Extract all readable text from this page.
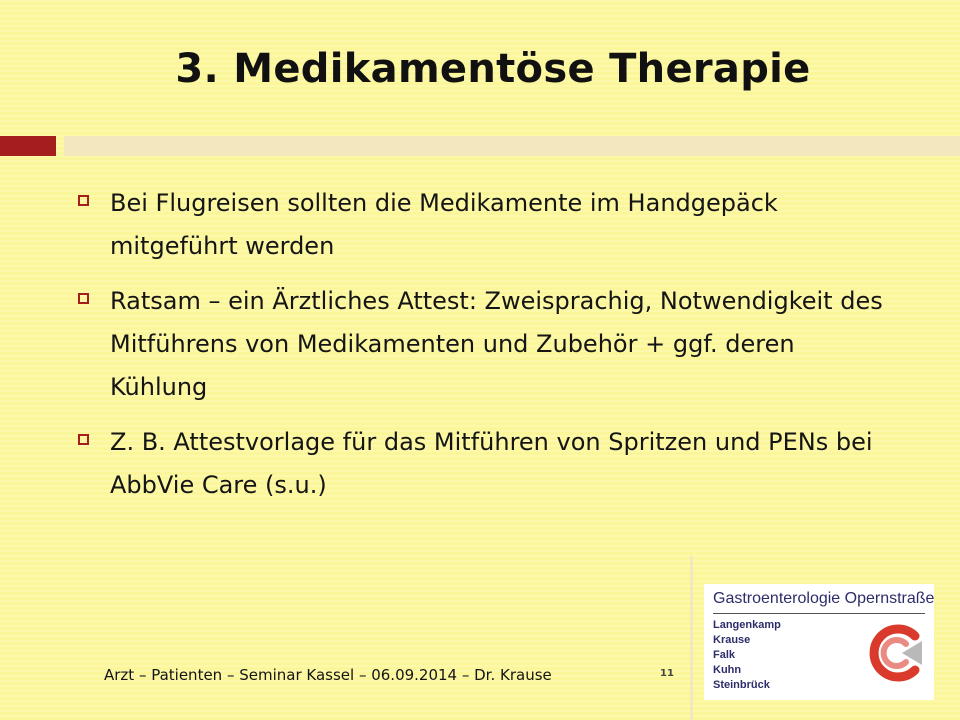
3. Medikamentöse Therapie
Bei Flugreisen sollten die Medikamente im Handgepäck mitgeführt werden
Ratsam – ein Ärztliches Attest: Zweisprachig, Notwendigkeit des Mitführens von Medikamenten und Zubehör + ggf. deren Kühlung
Z. B. Attestvorlage für das Mitführen von Spritzen und PENs bei AbbVie Care (s.u.)
Arzt – Patienten – Seminar Kassel – 06.09.2014 – Dr. Krause	11
Gastroenterologie Opernstraße
Langenkamp
Krause
Falk
Kuhn
Steinbrück
